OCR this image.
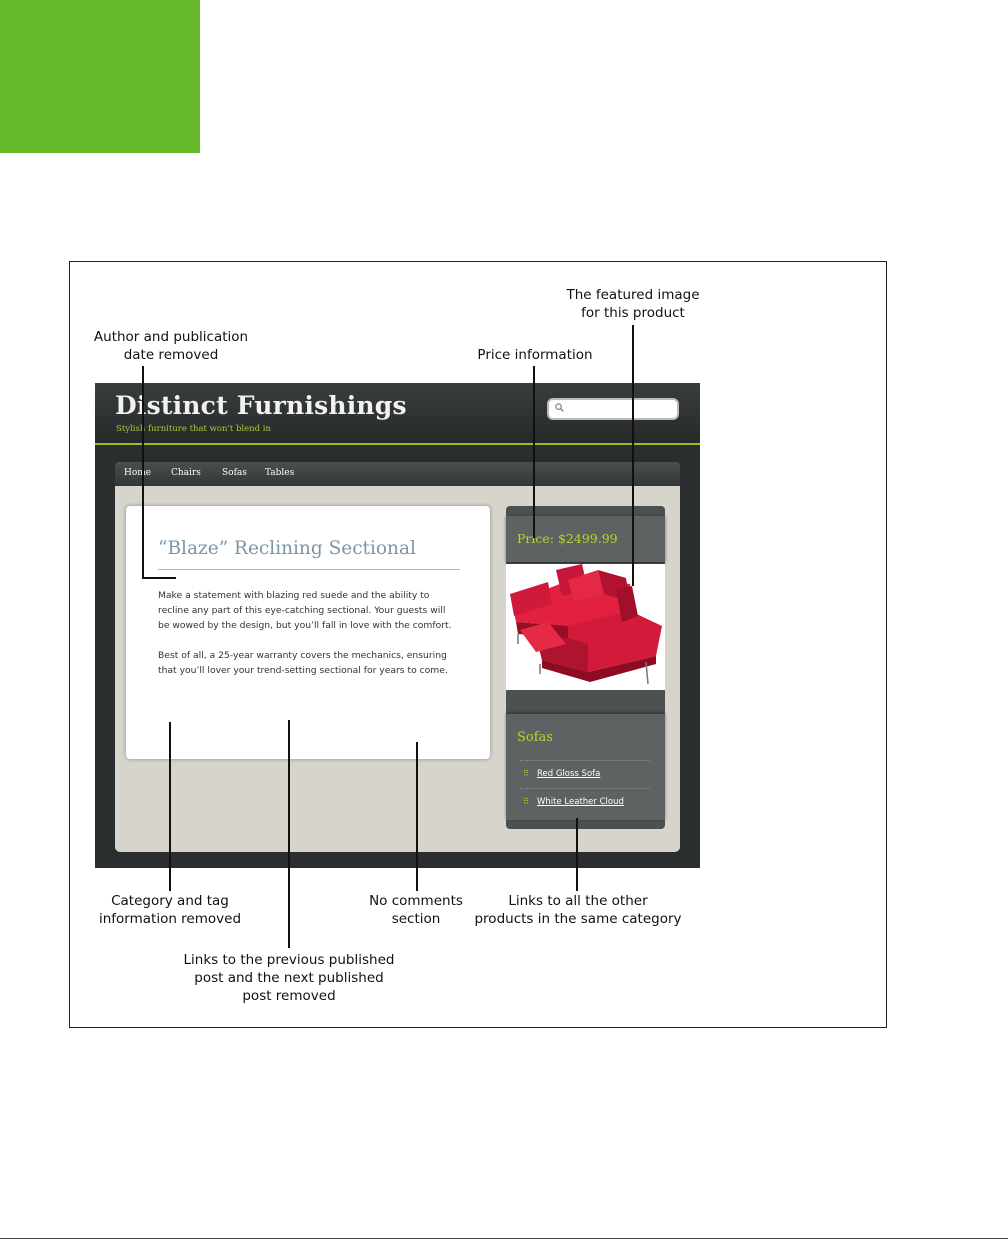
Distinct Furnishings
Stylish furniture that won't blend in
Home Chairs Sofas Tables
“Blaze” Reclining Sectional

Make a statement with blazing red suede and the ability to recline any part of this eye-catching sectional. Your guests will be wowed by the design, but you’ll fall in love with the comfort.

Best of all, a 25-year warranty covers the mechanics, ensuring that you’ll lover your trend-setting sectional for years to come.

Price: $2499.99
Sofas
⠿ Red Gloss Sofa
⠿ White Leather Cloud
Author and publication
date removed	Price information
The featured image
for this product
Category and tag
information removed
No comments
section
Links to all the other
products in the same category
Links to the previous published
post and the next published
post removed
